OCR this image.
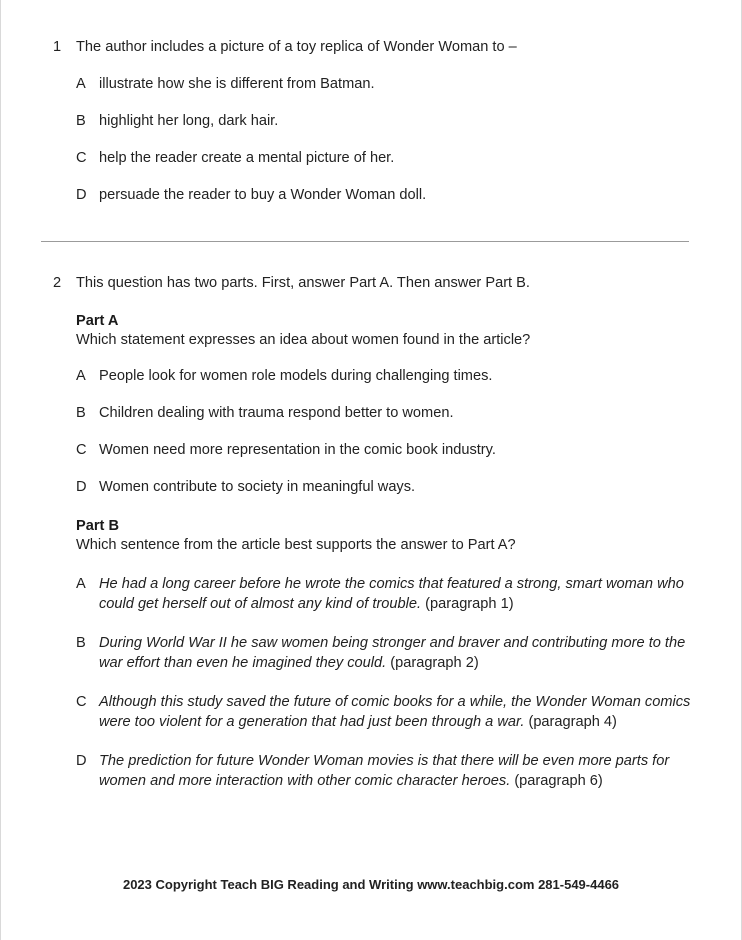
1	The author includes a picture of a toy replica of Wonder Woman to –
A illustrate how she is different from Batman.
B highlight her long, dark hair.
C help the reader create a mental picture of her.
D persuade the reader to buy a Wonder Woman doll.
2	This question has two parts. First, answer Part A. Then answer Part B.
Part A
Which statement expresses an idea about women found in the article?
A People look for women role models during challenging times.
B Children dealing with trauma respond better to women.
C Women need more representation in the comic book industry.
D Women contribute to society in meaningful ways.
Part B
Which sentence from the article best supports the answer to Part A?
A He had a long career before he wrote the comics that featured a strong, smart woman who could get herself out of almost any kind of trouble. (paragraph 1)
B During World War II he saw women being stronger and braver and contributing more to the war effort than even he imagined they could. (paragraph 2)
C Although this study saved the future of comic books for a while, the Wonder Woman comics were too violent for a generation that had just been through a war. (paragraph 4)
D The prediction for future Wonder Woman movies is that there will be even more parts for women and more interaction with other comic character heroes. (paragraph 6)
2023 Copyright Teach BIG Reading and Writing www.teachbig.com 281-549-4466
